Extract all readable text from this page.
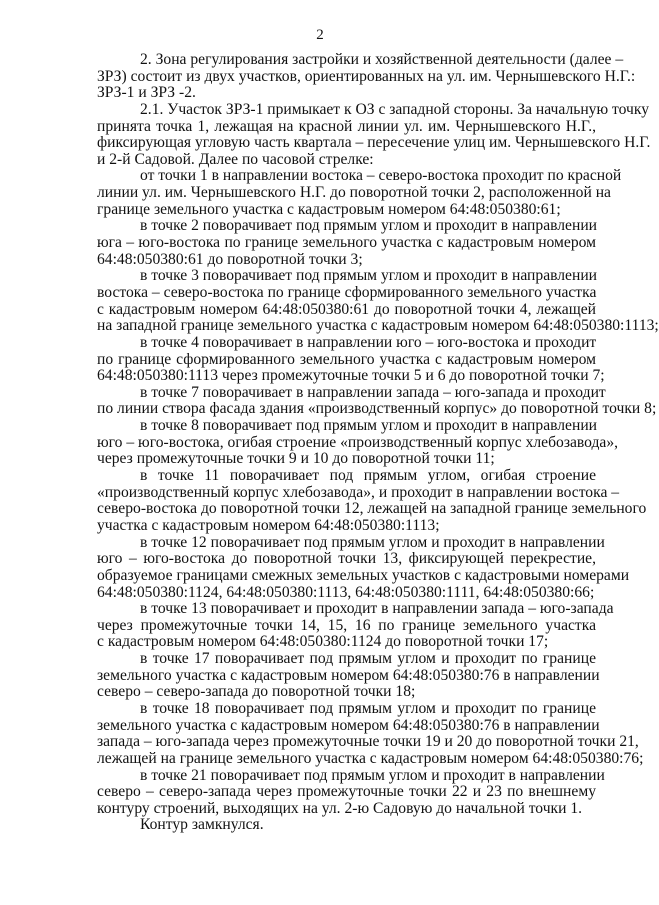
2
2. Зона регулирования застройки и хозяйственной деятельности (далее –
ЗРЗ) состоит из двух участков, ориентированных на ул. им. Чернышевского Н.Г.:
ЗРЗ-1 и ЗРЗ -2.
2.1. Участок ЗРЗ-1 примыкает к ОЗ с западной стороны. За начальную точку
принята точка 1, лежащая на красной линии ул. им. Чернышевского Н.Г.,
фиксирующая угловую часть квартала – пересечение улиц им. Чернышевского Н.Г.
и 2-й Садовой. Далее по часовой стрелке:
от точки 1 в направлении востока – северо-востока проходит по красной
линии ул. им. Чернышевского Н.Г. до поворотной точки 2, расположенной на
границе земельного участка с кадастровым номером 64:48:050380:61;
в точке 2 поворачивает под прямым углом и проходит в направлении
юга – юго-востока по границе земельного участка с кадастровым номером
64:48:050380:61 до поворотной точки 3;
в точке 3 поворачивает под прямым углом и проходит в направлении
востока – северо-востока по границе сформированного земельного участка
с кадастровым номером 64:48:050380:61 до поворотной точки 4, лежащей
на западной границе земельного участка с кадастровым номером 64:48:050380:1113;
в точке 4 поворачивает в направлении юго – юго-востока и проходит
по границе сформированного земельного участка с кадастровым номером
64:48:050380:1113 через промежуточные точки 5 и 6 до поворотной точки 7;
в точке 7 поворачивает в направлении запада – юго-запада и проходит
по линии створа фасада здания «производственный корпус» до поворотной точки 8;
в точке 8 поворачивает под прямым углом и проходит в направлении
юго – юго-востока, огибая строение «производственный корпус хлебозавода»,
через промежуточные точки 9 и 10 до поворотной точки 11;
в точке 11 поворачивает под прямым углом, огибая строение
«производственный корпус хлебозавода», и проходит в направлении востока –
северо-востока до поворотной точки 12, лежащей на западной границе земельного
участка с кадастровым номером 64:48:050380:1113;
в точке 12 поворачивает под прямым углом и проходит в направлении
юго – юго-востока до поворотной точки 13, фиксирующей перекрестие,
образуемое границами смежных земельных участков с кадастровыми номерами
64:48:050380:1124, 64:48:050380:1113, 64:48:050380:1111, 64:48:050380:66;
в точке 13 поворачивает и проходит в направлении запада – юго-запада
через промежуточные точки 14, 15, 16 по границе земельного участка
с кадастровым номером 64:48:050380:1124 до поворотной точки 17;
в точке 17 поворачивает под прямым углом и проходит по границе
земельного участка с кадастровым номером 64:48:050380:76 в направлении
северо – северо-запада до поворотной точки 18;
в точке 18 поворачивает под прямым углом и проходит по границе
земельного участка с кадастровым номером 64:48:050380:76 в направлении
запада – юго-запада через промежуточные точки 19 и 20 до поворотной точки 21,
лежащей на границе земельного участка с кадастровым номером 64:48:050380:76;
в точке 21 поворачивает под прямым углом и проходит в направлении
северо – северо-запада через промежуточные точки 22 и 23 по внешнему
контуру строений, выходящих на ул. 2-ю Садовую до начальной точки 1.
Контур замкнулся.
